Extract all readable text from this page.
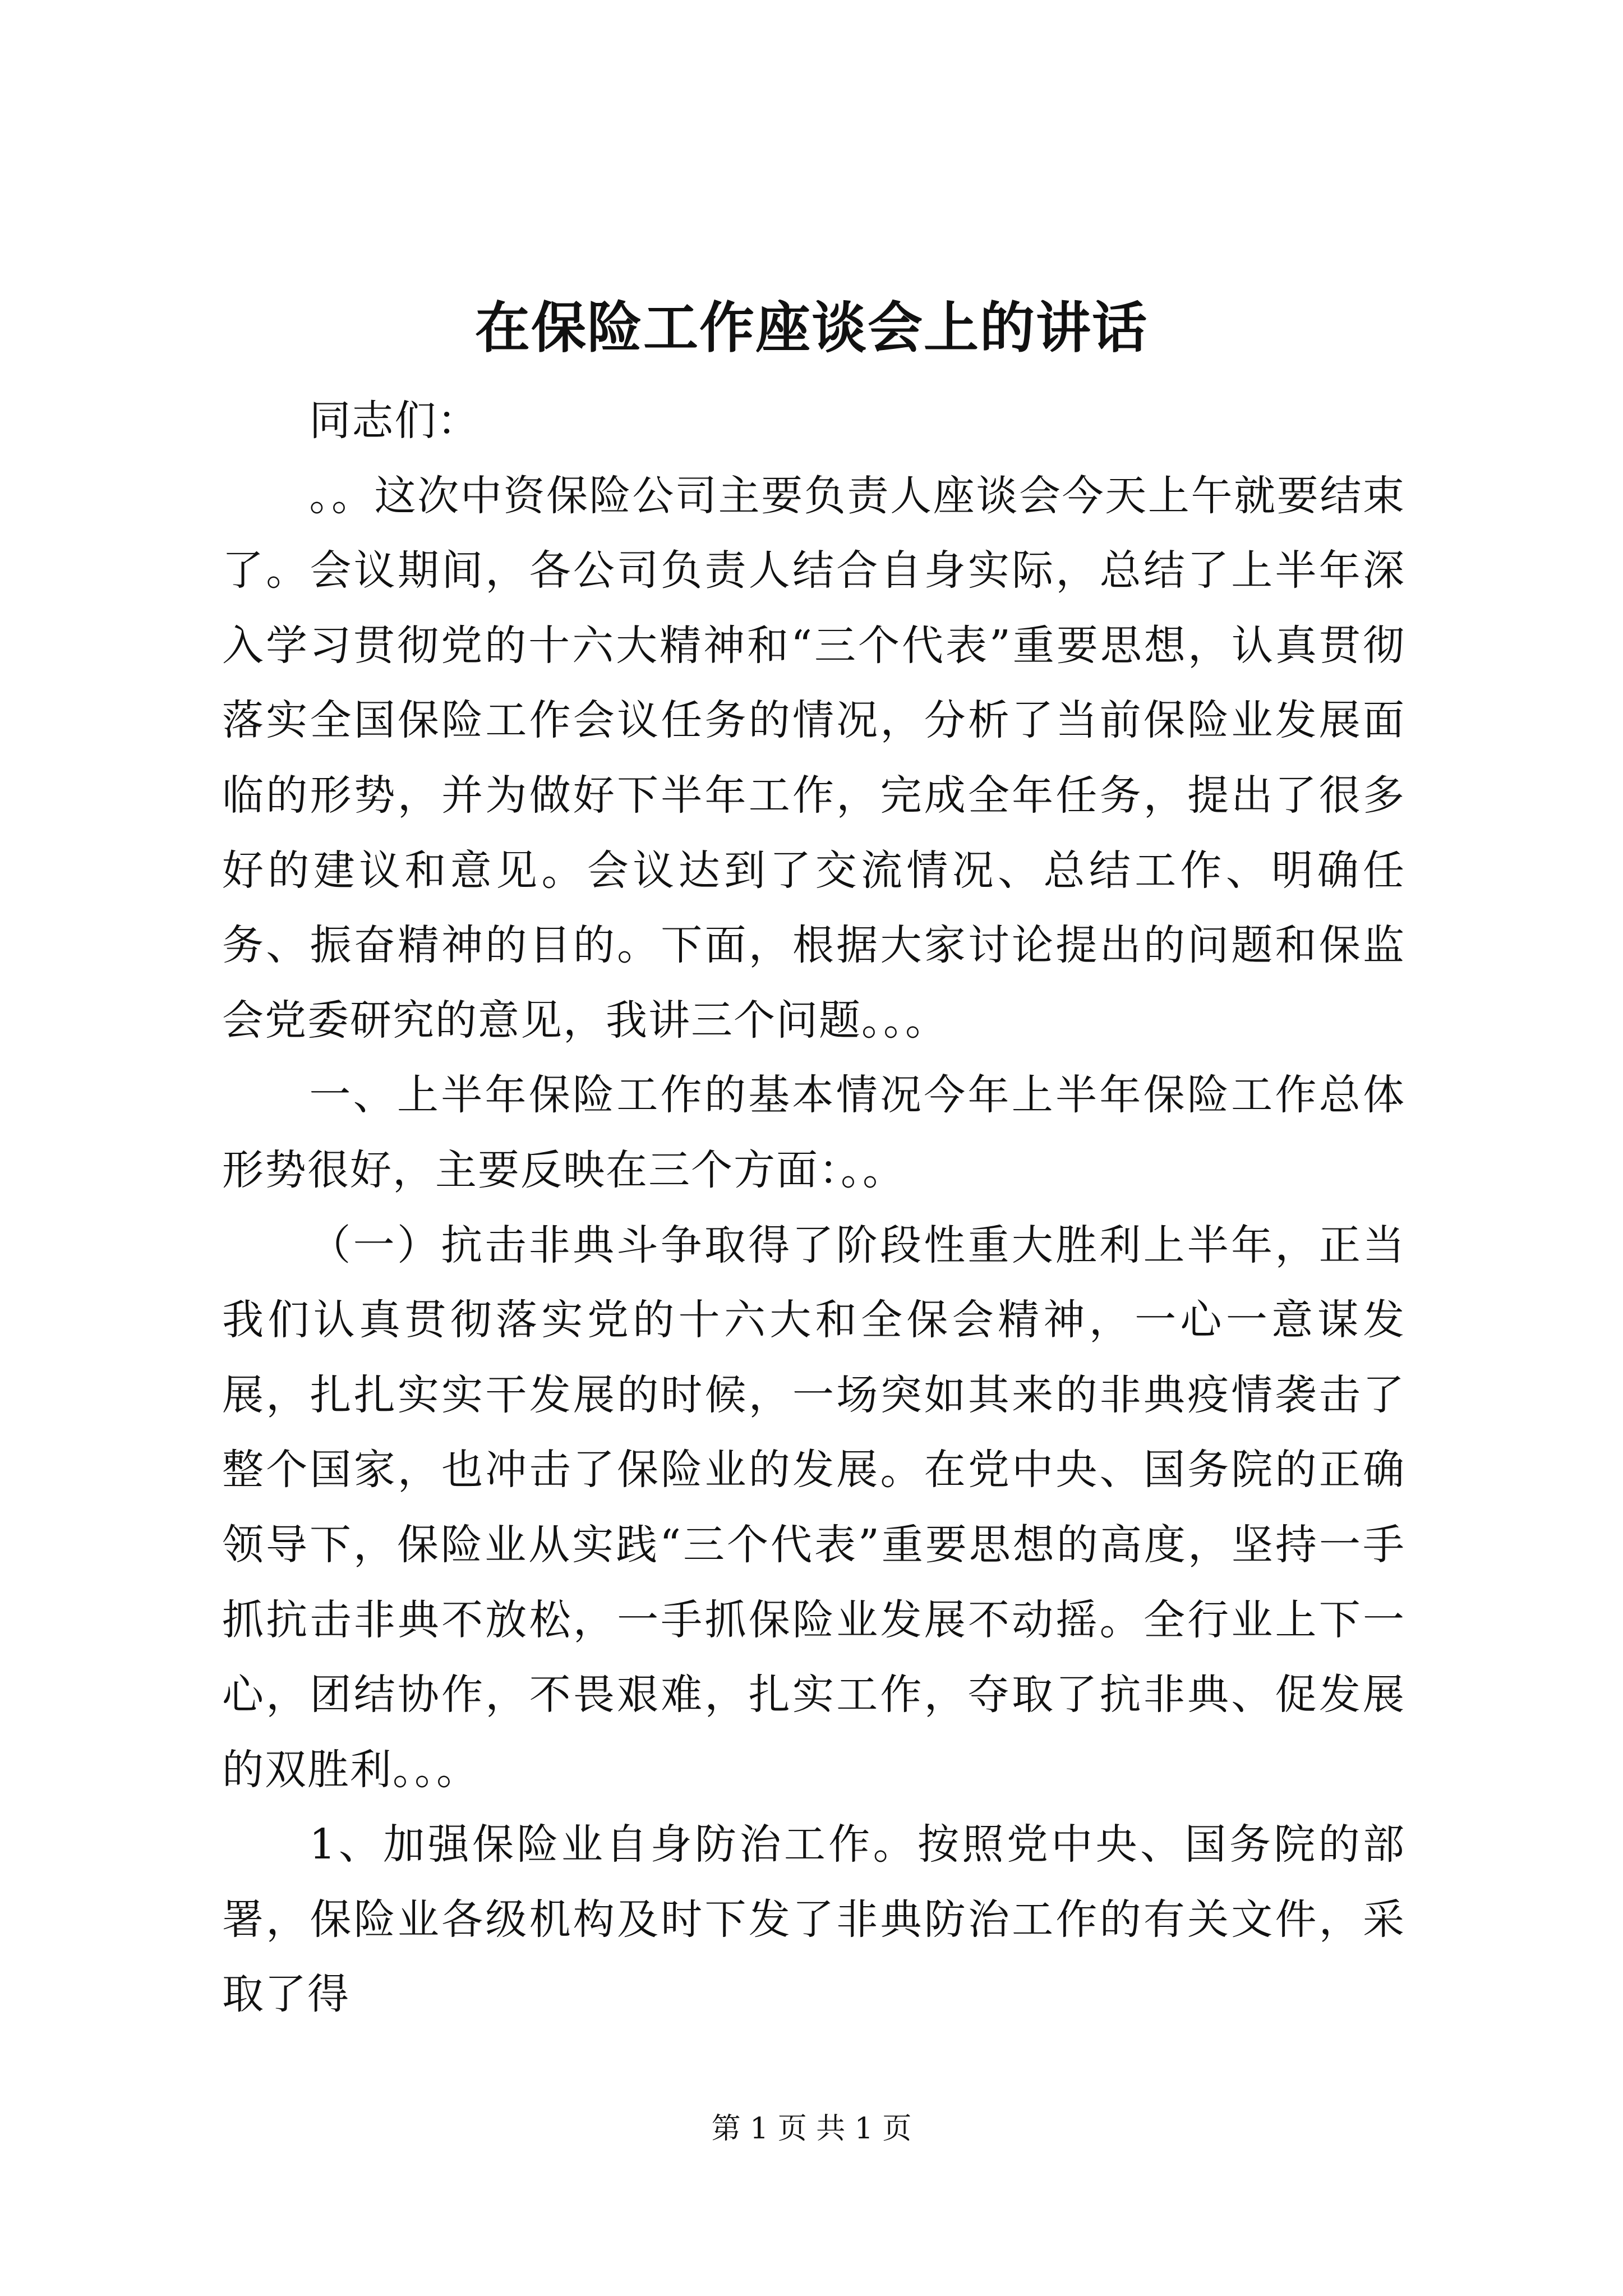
在保险工作座谈会上的讲话

同志们：

。。这次中资保险公司主要负责人座谈会今天上午就要结束了。会议期间，各公司负责人结合自身实际，总结了上半年深入学习贯彻党的十六大精神和“三个代表”重要思想，认真贯彻落实全国保险工作会议任务的情况，分析了当前保险业发展面临的形势，并为做好下半年工作，完成全年任务，提出了很多好的建议和意见。会议达到了交流情况、总结工作、明确任务、振奋精神的目的。下面，根据大家讨论提出的问题和保监会党委研究的意见，我讲三个问题。。。

一、上半年保险工作的基本情况今年上半年保险工作总体形势很好，主要反映在三个方面：。。

（一）抗击非典斗争取得了阶段性重大胜利上半年，正当我们认真贯彻落实党的十六大和全保会精神，一心一意谋发展，扎扎实实干发展的时候，一场突如其来的非典疫情袭击了整个国家，也冲击了保险业的发展。在党中央、国务院的正确领导下，保险业从实践“三个代表”重要思想的高度，坚持一手抓抗击非典不放松，一手抓保险业发展不动摇。全行业上下一心，团结协作，不畏艰难，扎实工作，夺取了抗非典、促发展的双胜利。。。

1、加强保险业自身防治工作。按照党中央、国务院的部署，保险业各级机构及时下发了非典防治工作的有关文件，采取了得

第 1 页 共 1 页
